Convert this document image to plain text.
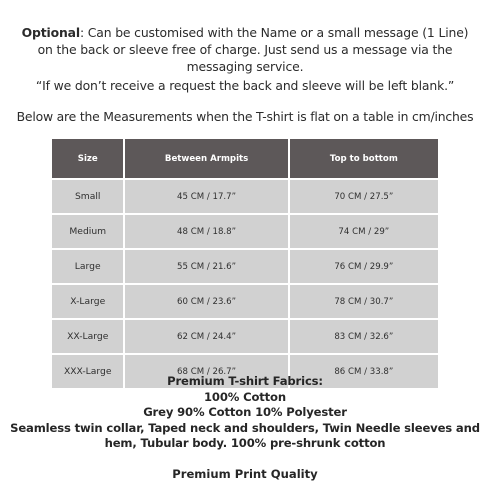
Optional: Can be customised with the Name or a small message (1 Line) on the back or sleeve free of charge. Just send us a message via the messaging service.
“If we don’t receive a request the back and sleeve will be left blank.”
Below are the Measurements when the T-shirt is flat on a table in cm/inches
Size	Between Armpits	Top to bottom
Small	45 CM / 17.7”	70 CM / 27.5”
Medium	48 CM / 18.8”	74 CM / 29”
Large	55 CM / 21.6”	76 CM / 29.9”
X-Large	60 CM / 23.6”	78 CM / 30.7”
XX-Large	62 CM / 24.4”	83 CM / 32.6”
XXX-Large	68 CM / 26.7”	86 CM / 33.8”
Premium T-shirt Fabrics:
100% Cotton
Grey 90% Cotton 10% Polyester
Seamless twin collar, Taped neck and shoulders, Twin Needle sleeves and
hem, Tubular body. 100% pre-shrunk cotton
Premium Print Quality
